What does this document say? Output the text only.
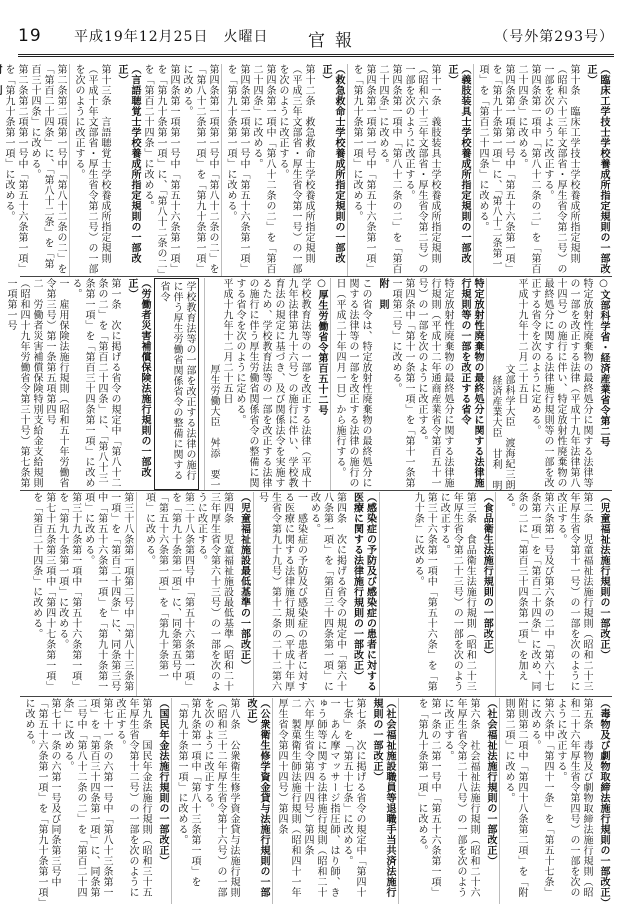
19 平成19年12月25日　火曜日 官報	（号外第293号）

（臨床工学技士学校養成所指定規則の一部改正）

第十条　臨床工学技士学校養成所指定規則（昭和六十三年文部省・厚生省令第二号）の一部を次のように改正する。

第四条第一項中「第八十二条の二」を「第百二十四条」に改める。

第四条第一項第一号中「第五十六条第一項」を「第九十条第一項」に、「第八十二条第一項」を「第百二十四条」に改める。

（義肢装具士学校養成所指定規則の一部改正）

第十一条　義肢装具士学校養成所指定規則（昭和六十三年文部省・厚生省令第二号）の一部を次のように改正する。

第四条第一項中「第八十二条の二」を「第百二十四条」に改める。

第四条第一項第一号中「第五十六条第一項」を「第九十条第一項」に改める。

（救急救命士学校養成所指定規則の一部改正）

第十二条　救急救命士学校養成所指定規則（平成三年文部省・厚生省令第一号）の一部を次のように改正する。

第四条第一項中「第八十二条の二」を「第百二十四条」に改める。

第四条第一項第一号中「第五十六条第一項」を「第九十条第一項」に改める。

第四条第一項第一号中「第八十二条の二」を「第八十二条第一項」を「第九十条第一項」に改める。

第四条第一項第一号中「第五十六条第一項」を「第九十条第一項」に、「第八十二条の二」を「第百二十四条」に改める。

（言語聴覚士学校養成所指定規則の一部改正）

第十三条　言語聴覚士学校養成所指定規則（平成十年文部省・厚生省令第二号）の一部を次のように改正する。

第二条第二項第一号中「第八十二条の二」を「第百二十四条」に、「第八十二条」を「第百三十四条」に改める。

第二条第二項第一号中「第五十六条第一項」を「第九十条第一項」に改める。

○文部科学省・経済産業省令第二号

特定放射性廃棄物の最終処分に関する法律等の一部を改正する法律（平成十九年法律第八十四号）の施行に伴い、特定放射性廃棄物の最終処分に関する法律施行規則等の一部を改正する省令を次のように定める。

平成十九年十二月二十五日

文部科学大臣　渡海紀三朗

経済産業大臣　甘利　明

特定放射性廃棄物の最終処分に関する法律施行規則等の一部を改正する省令

特定放射性廃棄物の最終処分に関する法律施行規則（平成十二年通商産業省令第百五十一号）の一部を次のように改正する。

第四条中「第十一条第一項」を「第十一条第一項第二号」に改める。

附　則

この省令は、特定放射性廃棄物の最終処分に関する法律等の一部を改正する法律の施行の日（平成二十年四月一日）から施行する。

○厚生労働省令第百五十二号

学校教育法等の一部を改正する法律（平成十九年法律第九十六号）の施行に伴い、学校教育法の規定に基づき、及び関係法令を実施するため、学校教育法等の一部を改正する法律の施行に伴う厚生労働省関係省令の整備に関する省令を次のように定める。

平成十九年十二月二十五日

厚生労働大臣　舛添　要一

学校教育法等の一部を改正する法律の施行に伴う厚生労働省関係省令の整備に関する省令

（労働者災害補償保険法施行規則の一部改正）

第一条　次に掲げる省令の規定中「第八十二条の二」を「第百二十四条」に、「第八十三条第一項」を「第百三十四条第一項」に改める。

一　雇用保険法施行規則（昭和五十年労働省令第三号）第一条第五項第四号

二　労働者災害補償保険特別支給金支給規則（昭和四十九年労働省令第三十号）第七条第一項第一号

（児童福祉法施行規則の一部改正）

第二条　児童福祉法施行規則（昭和二十三年厚生省令第十一号）の一部を次のように改正する。

第六条第一号及び第六条の二中「第六十七条第一項」を「第百二十四条」に改め、同条の二に「第百三十四条第一項」を加える。

（食品衛生法施行規則の一部改正）

第三条　食品衛生法施行規則（昭和二十三年厚生省令第二十三号）の一部を次のように改正する。

第三十六条第一項中「第五十六条」を「第九十条」に改める。

（感染症の予防及び感染症の患者に対する医療に関する法律施行規則の一部改正）

第四条　次に掲げる省令の規定中「第六十八条第一項」を「第百三十四条第一項」に改める。

一　感染症の予防及び感染症の患者に対する医療に関する法律施行規則（平成十年厚生省令第九十九号）第十二条の二十二第六号

（児童福祉施設最低基準の一部改正）

第四条　児童福祉施設最低基準（昭和二十三年厚生省令第六十三号）の一部を次のように改正する。

第二十八条第四号中「第五十六条第一項」を「第九十条第一項」に、同条第五号中「第五十六条第一項」を「第九十条第一項」に改める。

第三十八条第一項第二号中「第八十三条第一項」を「第百二十四条」に、同条第三号中「第五十六条第一項」を「第九十条第一項」に改める。

第三十九条第一項中「第五十六条第一項」を「第九十条第一項」に改める。

第七十五条第三項中「第四十七条第一項」を「第百二十四条」に改める。

（毒物及び劇物取締法施行規則の一部改正）

第五条　毒物及び劇物取締法施行規則（昭和二十六年厚生省令第四号）の一部を次のように改正する。

第六条中「第四十一条」を「第五十七条」に改める。

附則第二項中「第四十八条第二項」を「附則第二項」に改める。

（社会福祉法施行規則の一部改正）

第六条　社会福祉法施行規則（昭和二十六年厚生省令第二十八号）の一部を次のように改正する。

第一条の二第一号中「第五十六条第一項」を「第九十条第一項」に改める。

（社会福祉施設職員等退職手当共済法施行規則の一部改正）

第七条　次に掲げる省令の規定中「第四十七条」を「第五十七条」に改める。

一　あん摩マッサージ指圧師、はり師、きゅう師等に関する法律施行規則（昭和二十六年厚生省令第四十四号）第四条

二　製菓衛生師法施行規則（昭和四十一年厚生省令第四十四号）第四条

（公衆衛生修学資金貸与法施行規則の一部改正）

第八条　公衆衛生修学資金貸与法施行規則（昭和三十二年厚生省令第十六号）の一部を次のように改正する。

第九条第一項中「第八十三条第一項」を「第九十条第一項」に改める。

（国民年金法施行規則の一部改正）

第九条　国民年金法施行規則（昭和三十五年厚生省令第十二号）の一部を次のように改正する。

第七十一条の六第一号中「第八十三条第一項」を「第百三十四条第一項」に、同条第二号中「第八十二条の二」を「第百二十四条」に改める。

第七十一条の六第一号及び同条第三号中「第五十六条第一項」を「第九十条第一項」に改める。
